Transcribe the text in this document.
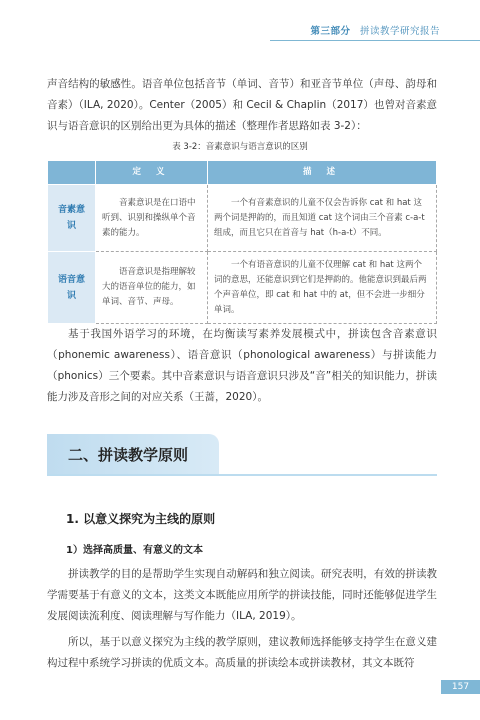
第三部分 拼读教学研究报告

声音结构的敏感性。语音单位包括音节（单词、音节）和亚音节单位（声母、韵母和音素）（ILA, 2020）。Center（2005）和 Cecil & Chaplin（2017）也曾对音素意识与语音意识的区别给出更为具体的描述（整理作者思路如表 3-2）：

表 3-2：音素意识与语言意识的区别
	定 义	描 述
音素意识	音素意识是在口语中听到、识别和操纵单个音素的能力。	一个有音素意识的儿童不仅会告诉你 cat 和 hat 这两个词是押韵的，而且知道 cat 这个词由三个音素 c-a-t 组成，而且它只在首音与 hat（h-a-t）不同。

语音意识	语音意识是指理解较大的语音单位的能力，如单词、音节、声母。	一个有语音意识的儿童不仅理解 cat 和 hat 这两个词的意思，还能意识到它们是押韵的。他能意识到最后两个声音单位，即 cat 和 hat 中的 at，但不会进一步细分单词。

基于我国外语学习的环境，在均衡读写素养发展模式中，拼读包含音素意识（phonemic awareness）、语音意识（phonological awareness）与拼读能力（phonics）三个要素。其中音素意识与语音意识只涉及“音”相关的知识能力，拼读能力涉及音形之间的对应关系（王蔷，2020）。

二、拼读教学原则
1. 以意义探究为主线的原则
1）选择高质量、有意义的文本

拼读教学的目的是帮助学生实现自动解码和独立阅读。研究表明，有效的拼读教学需要基于有意义的文本，这类文本既能应用所学的拼读技能，同时还能够促进学生发展阅读流利度、阅读理解与写作能力（ILA, 2019）。

所以，基于以意义探究为主线的教学原则，建议教师选择能够支持学生在意义建构过程中系统学习拼读的优质文本。高质量的拼读绘本或拼读教材，其文本既符

157
